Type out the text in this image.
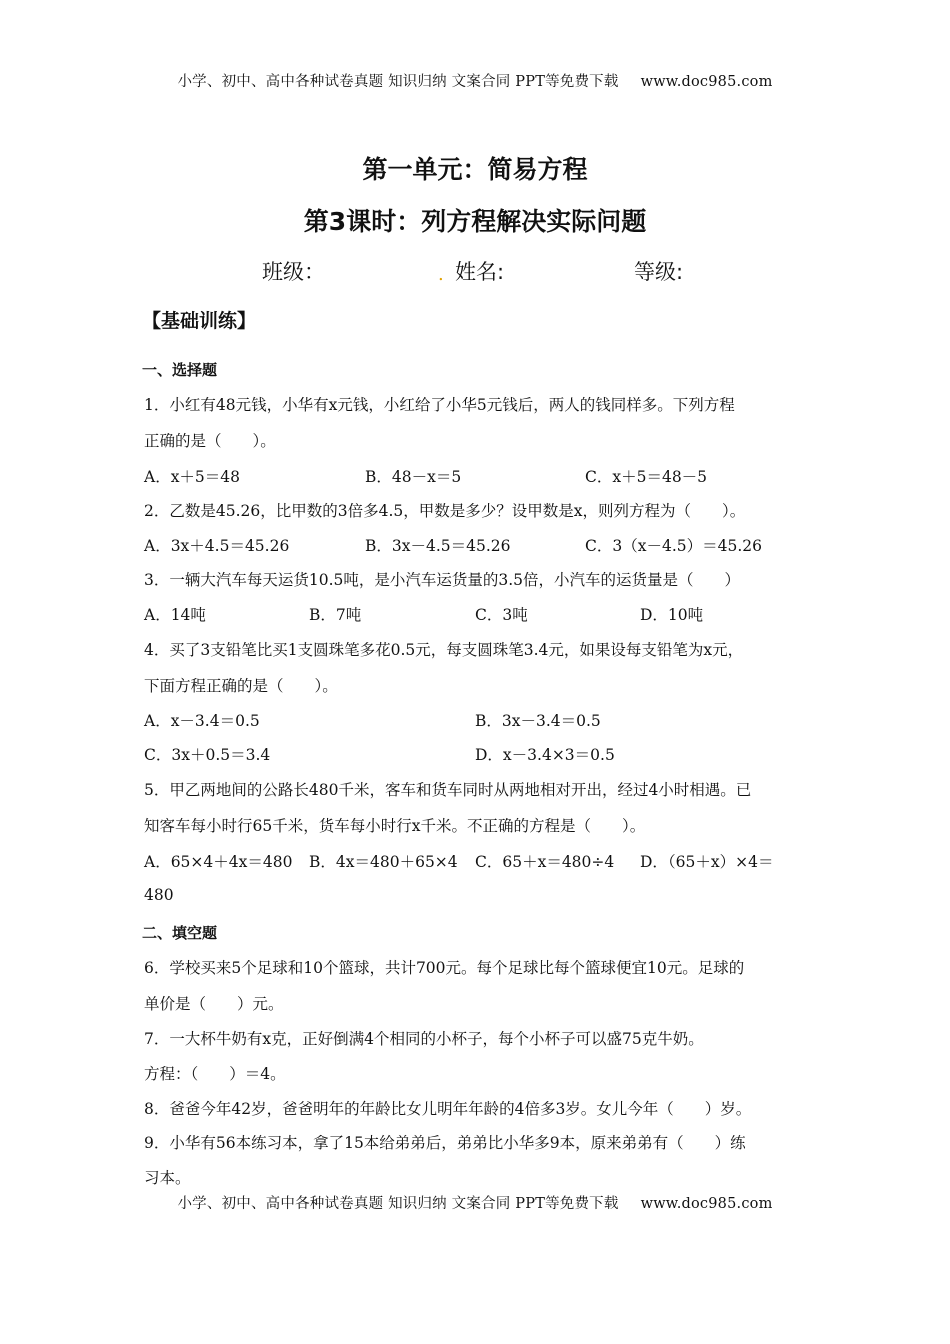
小学、初中、高中各种试卷真题 知识归纳 文案合同 PPT等免费下载 www.doc985.com
第一单元：简易方程
第3课时：列方程解决实际问题
班级：	. 姓名:	等级:
【基础训练】
一、选择题
1．小红有48元钱，小华有x元钱，小红给了小华5元钱后，两人的钱同样多。下列方程
正确的是（　　）。
A．x＋5＝48	B．48－x＝5	C．x＋5＝48－5
2．乙数是45.26，比甲数的3倍多4.5，甲数是多少？设甲数是x，则列方程为（　　）。
A．3x＋4.5＝45.26	B．3x－4.5＝45.26	C．3（x－4.5）＝45.26
3．一辆大汽车每天运货10.5吨，是小汽车运货量的3.5倍，小汽车的运货量是（　　）
A．14吨	B．7吨	C．3吨	D．10吨
4．买了3支铅笔比买1支圆珠笔多花0.5元，每支圆珠笔3.4元，如果设每支铅笔为x元，
下面方程正确的是（　　）。
A．x－3.4＝0.5	B．3x－3.4＝0.5
C．3x＋0.5＝3.4	D．x－3.4×3＝0.5
5．甲乙两地间的公路长480千米，客车和货车同时从两地相对开出，经过4小时相遇。已
知客车每小时行65千米，货车每小时行x千米。不正确的方程是（　　）。
A．65×4＋4x＝480 B．4x＝480＋65×4 C．65＋x＝480÷4 D．（65＋x）×4＝
480
二、填空题
6．学校买来5个足球和10个篮球，共计700元。每个足球比每个篮球便宜10元。足球的
单价是（　　）元。
7．一大杯牛奶有x克，正好倒满4个相同的小杯子，每个小杯子可以盛75克牛奶。
方程：（　　）＝4。
8．爸爸今年42岁，爸爸明年的年龄比女儿明年年龄的4倍多3岁。女儿今年（　　）岁。
9．小华有56本练习本，拿了15本给弟弟后，弟弟比小华多9本，原来弟弟有（　　）练
习本。
小学、初中、高中各种试卷真题 知识归纳 文案合同 PPT等免费下载 www.doc985.com
